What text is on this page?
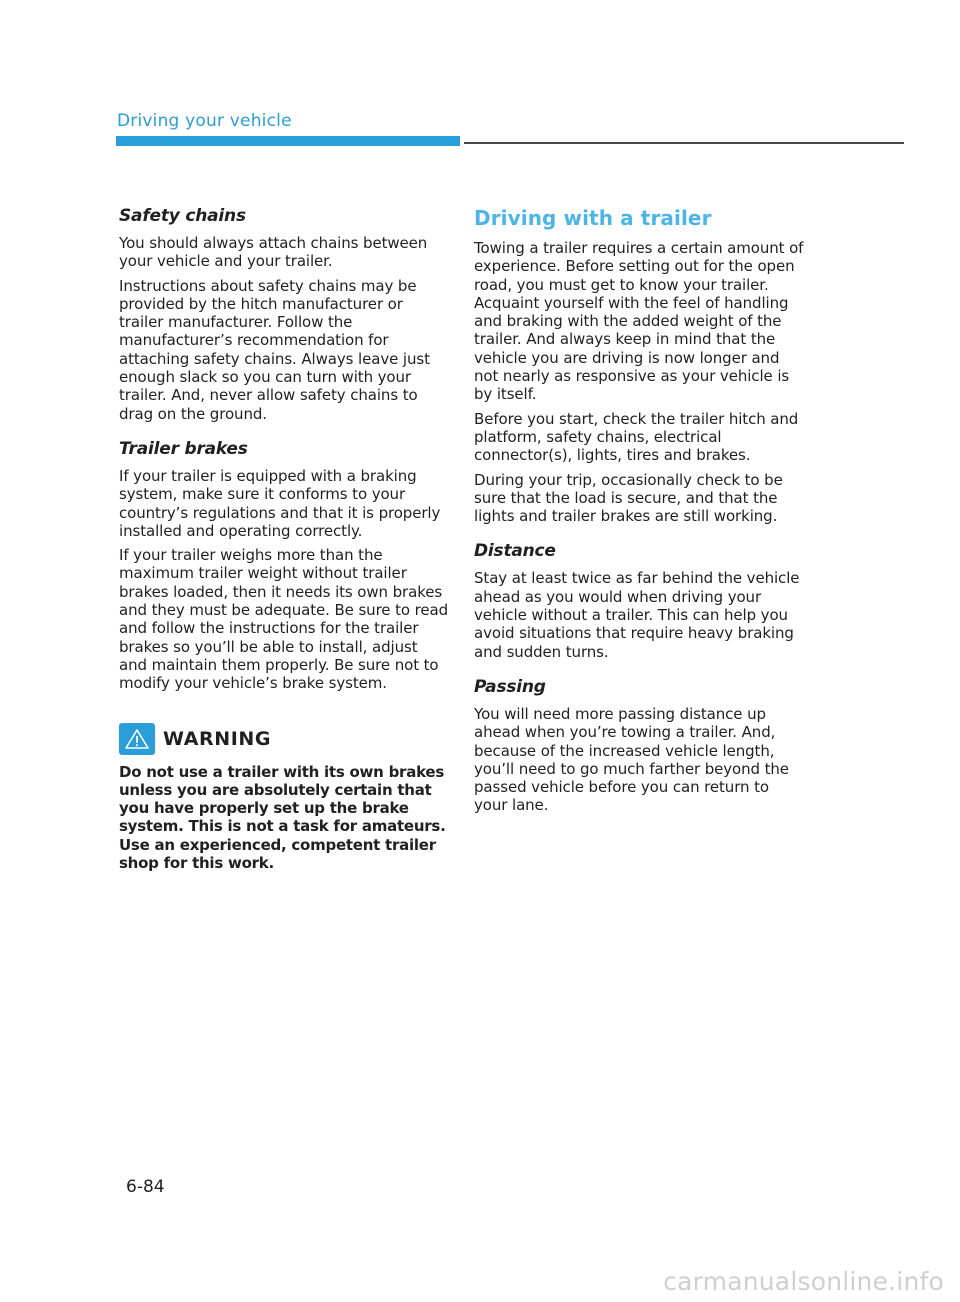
Driving your vehicle
Safety chains

You should always attach chains between your vehicle and your trailer.

Instructions about safety chains may be provided by the hitch manufacturer or trailer manufacturer. Follow the manufacturer’s recommendation for attaching safety chains. Always leave just enough slack so you can turn with your trailer. And, never allow safety chains to drag on the ground.

Trailer brakes

If your trailer is equipped with a braking system, make sure it conforms to your country’s regulations and that it is properly installed and operating correctly.

If your trailer weighs more than the maximum trailer weight without trailer brakes loaded, then it needs its own brakes and they must be adequate. Be sure to read and follow the instructions for the trailer brakes so you’ll be able to install, adjust and maintain them properly. Be sure not to modify your vehicle’s brake system.

WARNING

Do not use a trailer with its own brakes unless you are absolutely certain that you have properly set up the brake system. This is not a task for amateurs. Use an experienced, competent trailer shop for this work.

Driving with a trailer

Towing a trailer requires a certain amount of experience. Before setting out for the open road, you must get to know your trailer. Acquaint yourself with the feel of handling and braking with the added weight of the trailer. And always keep in mind that the vehicle you are driving is now longer and not nearly as responsive as your vehicle is by itself.

Before you start, check the trailer hitch and platform, safety chains, electrical connector(s), lights, tires and brakes.

During your trip, occasionally check to be sure that the load is secure, and that the lights and trailer brakes are still working.

Distance

Stay at least twice as far behind the vehicle ahead as you would when driving your vehicle without a trailer. This can help you avoid situations that require heavy braking and sudden turns.

Passing

You will need more passing distance up ahead when you’re towing a trailer. And, because of the increased vehicle length, you’ll need to go much farther beyond the passed vehicle before you can return to your lane.

6-84
carmanualsonline.info
